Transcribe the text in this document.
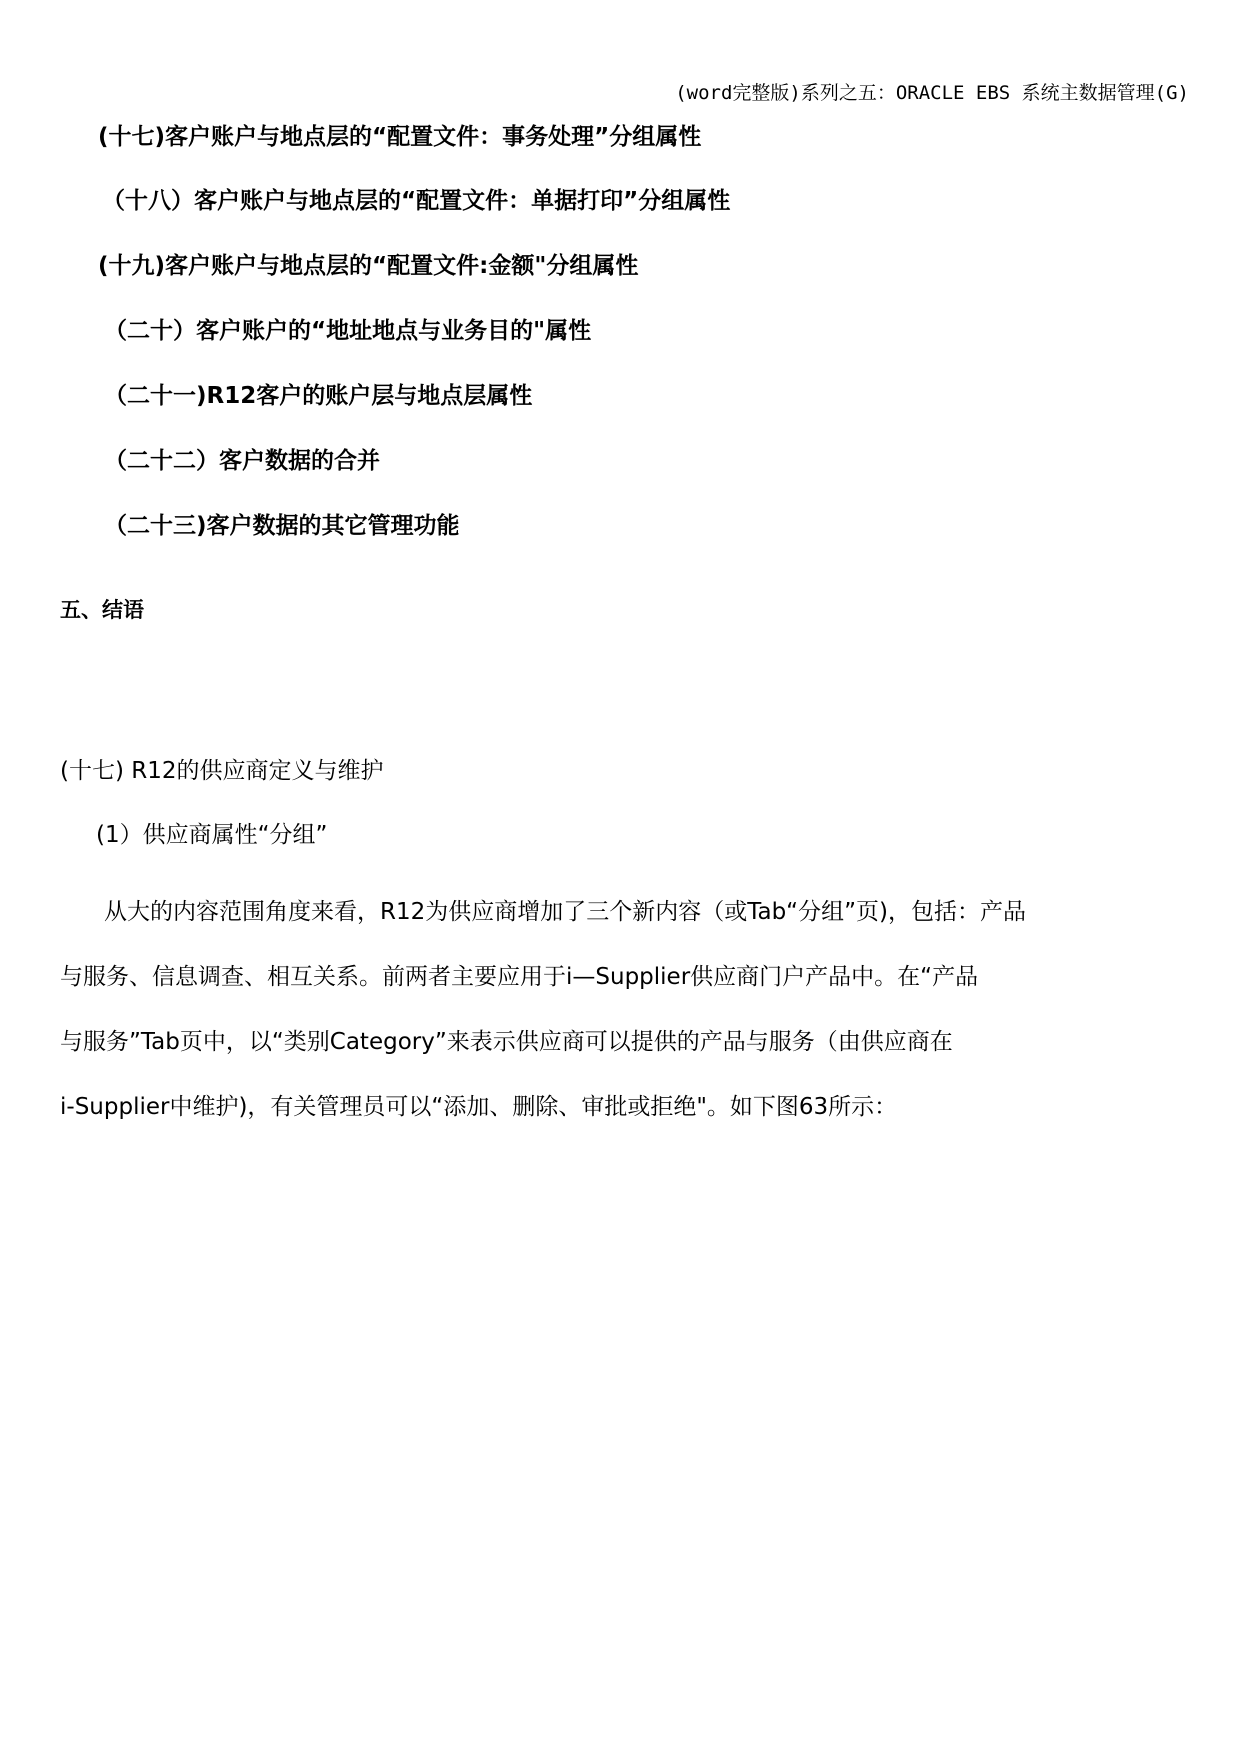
(word完整版)系列之五：ORACLE EBS 系统主数据管理(G)
(十七)客户账户与地点层的“配置文件：事务处理”分组属性
（十八）客户账户与地点层的“配置文件：单据打印”分组属性
(十九)客户账户与地点层的“配置文件:金额"分组属性
（二十）客户账户的“地址地点与业务目的"属性
（二十一)R12客户的账户层与地点层属性
（二十二）客户数据的合并
（二十三)客户数据的其它管理功能
五、结语
(十七) R12的供应商定义与维护
(1）供应商属性“分组”
从大的内容范围角度来看，R12为供应商增加了三个新内容（或Tab“分组”页)，包括：产品
与服务、信息调查、相互关系。前两者主要应用于i—Supplier供应商门户产品中。在“产品
与服务”Tab页中，以“类别Category”来表示供应商可以提供的产品与服务（由供应商在
i-Supplier中维护)，有关管理员可以“添加、删除、审批或拒绝"。如下图63所示：
